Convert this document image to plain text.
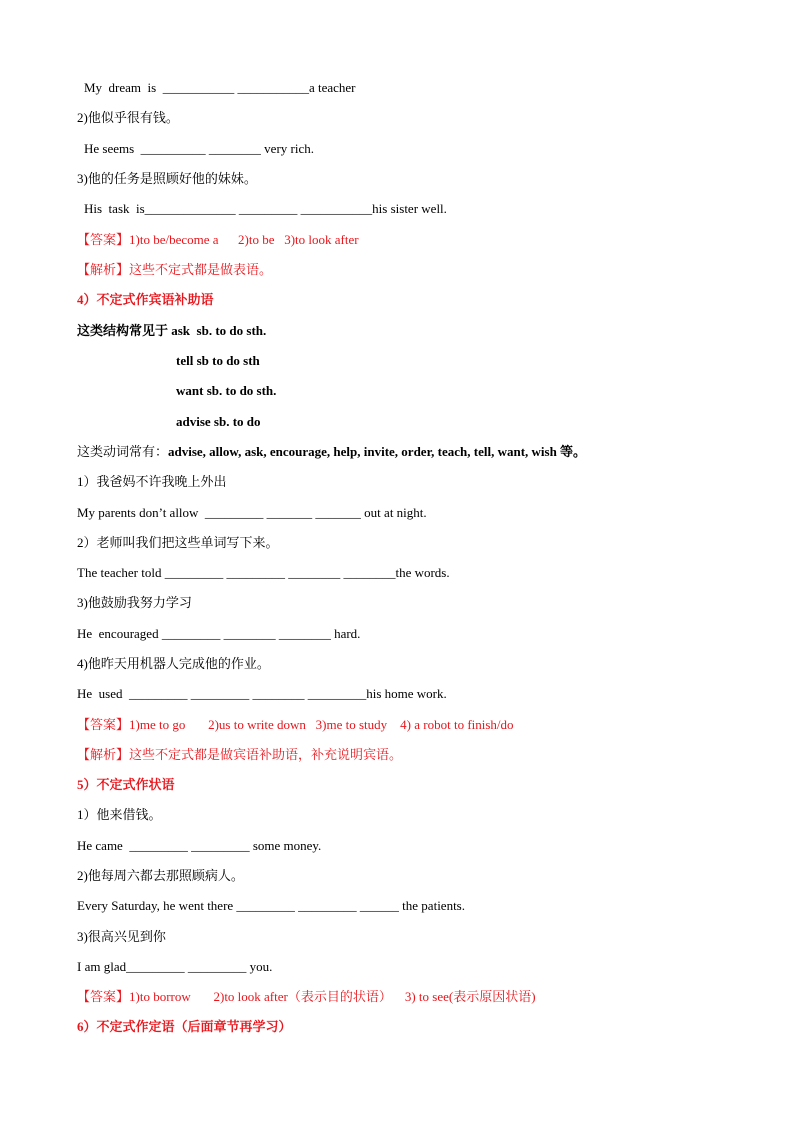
My  dream  is  ___________ ___________a teacher
2)他似乎很有钱。
He seems  __________ ________ very rich.
3)他的任务是照顾好他的妹妹。
His  task  is______________ _________ ___________his sister well.
【答案】1)to be/become a      2)to be   3)to look after
【解析】这些不定式都是做表语。
4）不定式作宾语补助语
这类结构常见于 ask  sb. to do sth.
tell sb to do sth
want sb. to do sth.
advise sb. to do
这类动词常有：advise, allow, ask, encourage, help, invite, order, teach, tell, want, wish 等。
1）我爸妈不许我晚上外出
My parents don’t allow  _________ _______ _______ out at night.
2）老师叫我们把这些单词写下来。
The teacher told _________ _________ ________ ________the words.
3)他鼓励我努力学习
He  encouraged _________ ________ ________ hard.
4)他昨天用机器人完成他的作业。
He  used  _________ _________ ________ _________his home work.
【答案】1)me to go       2)us to write down   3)me to study    4) a robot to finish/do
【解析】这些不定式都是做宾语补助语，补充说明宾语。
5）不定式作状语
1）他来借钱。
He came  _________ _________ some money.
2)他每周六都去那照顾病人。
Every Saturday, he went there _________ _________ ______ the patients.
3)很高兴见到你
I am glad_________ _________ you.
【答案】1)to borrow       2)to look after（表示目的状语）    3) to see(表示原因状语)
6）不定式作定语（后面章节再学习）
